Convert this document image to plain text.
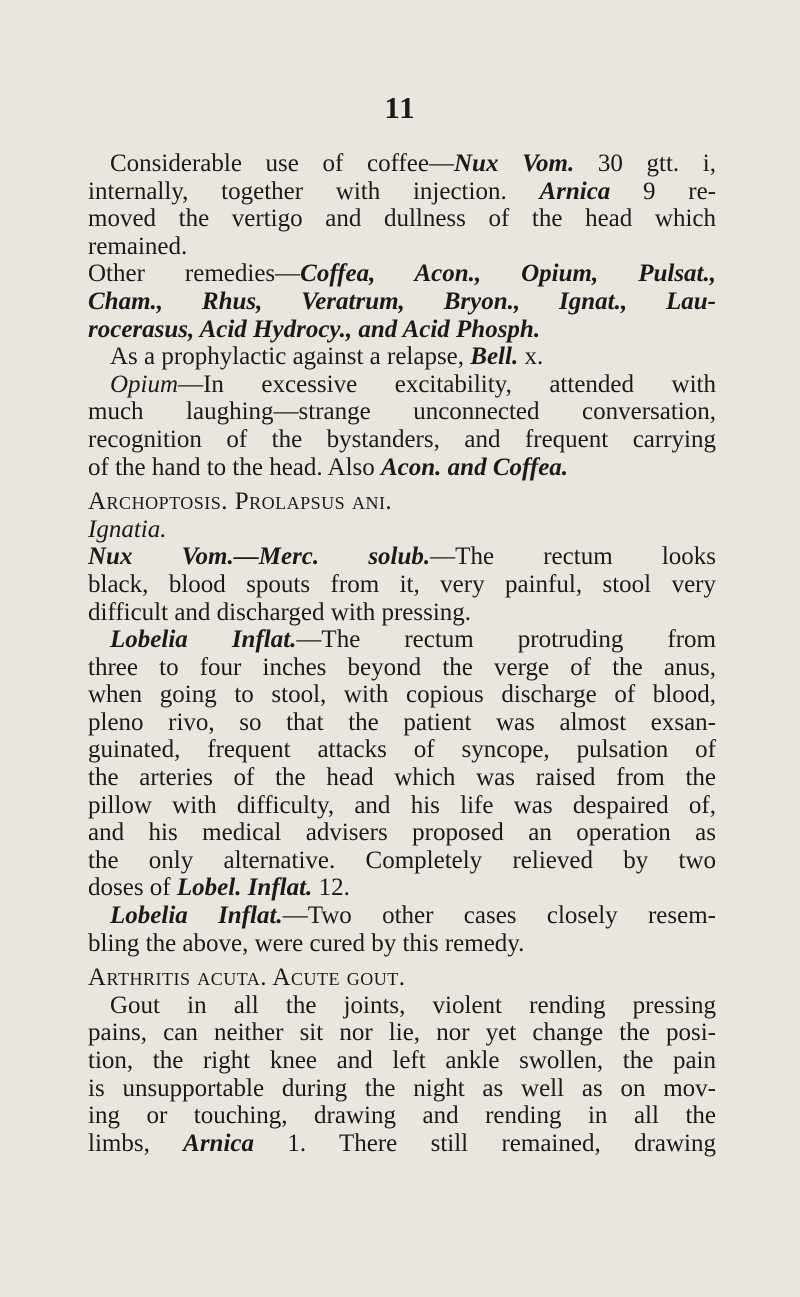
11
Considerable use of coffee—Nux Vom. 30 gtt. i,
internally, together with injection. Arnica 9 re-
moved the vertigo and dullness of the head which
remained.
Other remedies—Coffea, Acon., Opium, Pulsat.,
Cham., Rhus, Veratrum, Bryon., Ignat., Lau-
rocerasus, Acid Hydrocy., and Acid Phosph.
As a prophylactic against a relapse, Bell. x.
Opium—In excessive excitability, attended with
much laughing—strange unconnected conversation,
recognition of the bystanders, and frequent carrying
of the hand to the head. Also Acon. and Coffea.
Archoptosis. Prolapsus ani.
Ignatia.
Nux Vom.—Merc. solub.—The rectum looks
black, blood spouts from it, very painful, stool very
difficult and discharged with pressing.
Lobelia Inflat.—The rectum protruding from
three to four inches beyond the verge of the anus,
when going to stool, with copious discharge of blood,
pleno rivo, so that the patient was almost exsan-
guinated, frequent attacks of syncope, pulsation of
the arteries of the head which was raised from the
pillow with difficulty, and his life was despaired of,
and his medical advisers proposed an operation as
the only alternative. Completely relieved by two
doses of Lobel. Inflat. 12.
Lobelia Inflat.—Two other cases closely resem-
bling the above, were cured by this remedy.
Arthritis acuta. Acute gout.
Gout in all the joints, violent rending pressing
pains, can neither sit nor lie, nor yet change the posi-
tion, the right knee and left ankle swollen, the pain
is unsupportable during the night as well as on mov-
ing or touching, drawing and rending in all the
limbs, Arnica 1. There still remained, drawing
